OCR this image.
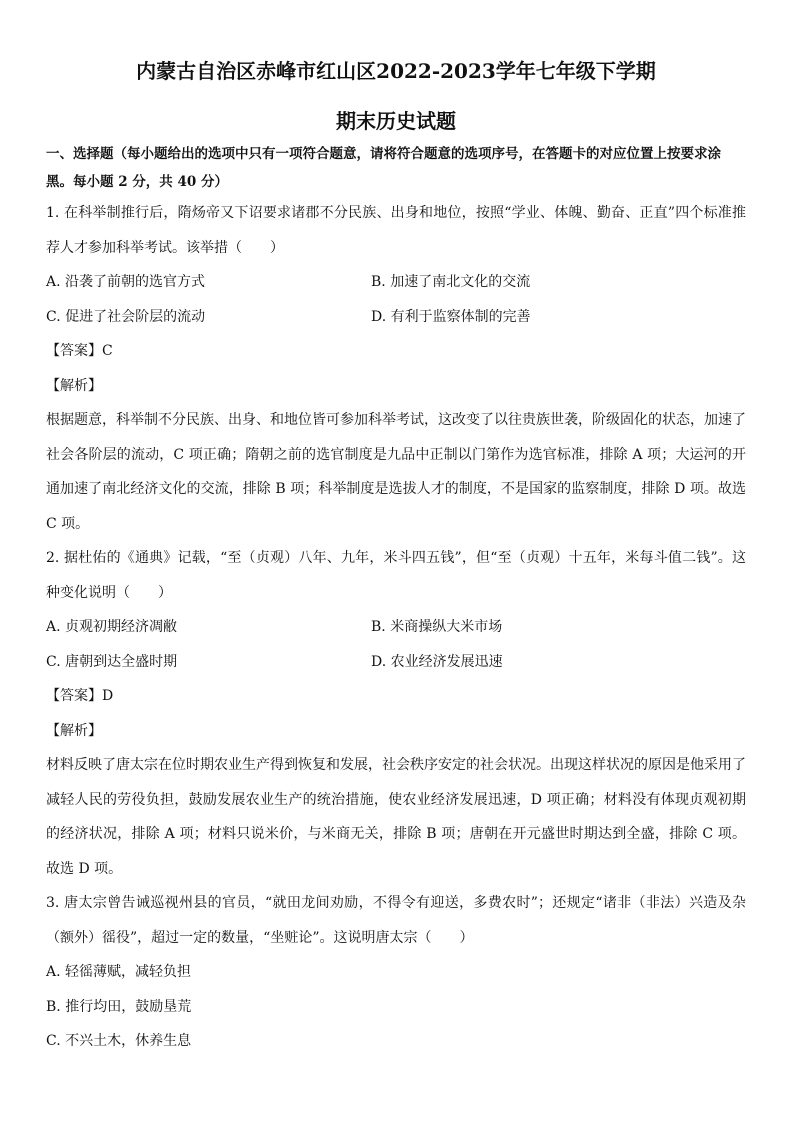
内蒙古自治区赤峰市红山区2022-2023学年七年级下学期
期末历史试题
一、选择题（每小题给出的选项中只有一项符合题意，请将符合题意的选项序号，在答题卡的对应位置上按要求涂黑。每小题 2 分，共 40 分）

1. 在科举制推行后，隋炀帝又下诏要求诸郡不分民族、出身和地位，按照“学业、体魄、勤奋、正直”四个标准推荐人才参加科举考试。该举措（　　）

A. 沿袭了前朝的选官方式	B. 加速了南北文化的交流
C. 促进了社会阶层的流动	D. 有利于监察体制的完善

【答案】C

【解析】

根据题意，科举制不分民族、出身、和地位皆可参加科举考试，这改变了以往贵族世袭，阶级固化的状态，加速了社会各阶层的流动，C 项正确；隋朝之前的选官制度是九品中正制以门第作为选官标准，排除 A 项；大运河的开通加速了南北经济文化的交流，排除 B 项；科举制度是选拔人才的制度，不是国家的监察制度，排除 D 项。故选 C 项。

2. 据杜佑的《通典》记载，“至（贞观）八年、九年，米斗四五钱”，但“至（贞观）十五年，米每斗值二钱”。这种变化说明（　　）

A. 贞观初期经济凋敝	B. 米商操纵大米市场
C. 唐朝到达全盛时期	D. 农业经济发展迅速

【答案】D

【解析】

材料反映了唐太宗在位时期农业生产得到恢复和发展，社会秩序安定的社会状况。出现这样状况的原因是他采用了减轻人民的劳役负担，鼓励发展农业生产的统治措施，使农业经济发展迅速，D 项正确；材料没有体现贞观初期的经济状况，排除 A 项；材料只说米价，与米商无关，排除 B 项；唐朝在开元盛世时期达到全盛，排除 C 项。故选 D 项。

3. 唐太宗曾告诫巡视州县的官员，“就田龙间劝励，不得令有迎送，多费农时”；还规定“诸非（非法）兴造及杂（额外）徭役”，超过一定的数量，“坐赃论”。这说明唐太宗（　　）

A. 轻徭薄赋，减轻负担
B. 推行均田，鼓励垦荒
C. 不兴土木，休养生息
